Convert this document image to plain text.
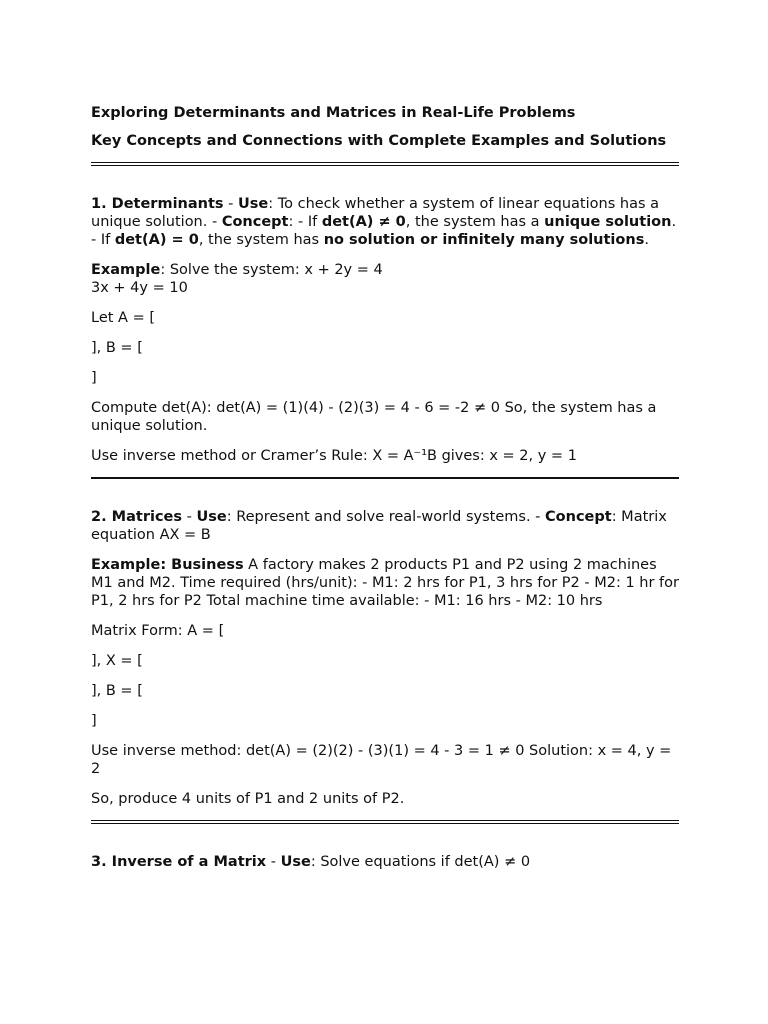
Exploring Determinants and Matrices in Real-Life Problems

Key Concepts and Connections with Complete Examples and Solutions

1. Determinants - Use: To check whether a system of linear equations has a unique solution. - Concept: - If det(A) ≠ 0, the system has a unique solution. - If det(A) = 0, the system has no solution or infinitely many solutions.

Example: Solve the system: x + 2y = 4
3x + 4y = 10

Let A = [

], B = [

]

Compute det(A): det(A) = (1)(4) - (2)(3) = 4 - 6 = -2 ≠ 0 So, the system has a unique solution.

Use inverse method or Cramer’s Rule: X = A⁻¹B gives: x = 2, y = 1

2. Matrices - Use: Represent and solve real-world systems. - Concept: Matrix equation AX = B

Example: Business A factory makes 2 products P1 and P2 using 2 machines M1 and M2. Time required (hrs/unit): - M1: 2 hrs for P1, 3 hrs for P2 - M2: 1 hr for P1, 2 hrs for P2 Total machine time available: - M1: 16 hrs - M2: 10 hrs

Matrix Form: A = [

], X = [

], B = [

]

Use inverse method: det(A) = (2)(2) - (3)(1) = 4 - 3 = 1 ≠ 0 Solution: x = 4, y = 2

So, produce 4 units of P1 and 2 units of P2.

3. Inverse of a Matrix - Use: Solve equations if det(A) ≠ 0
